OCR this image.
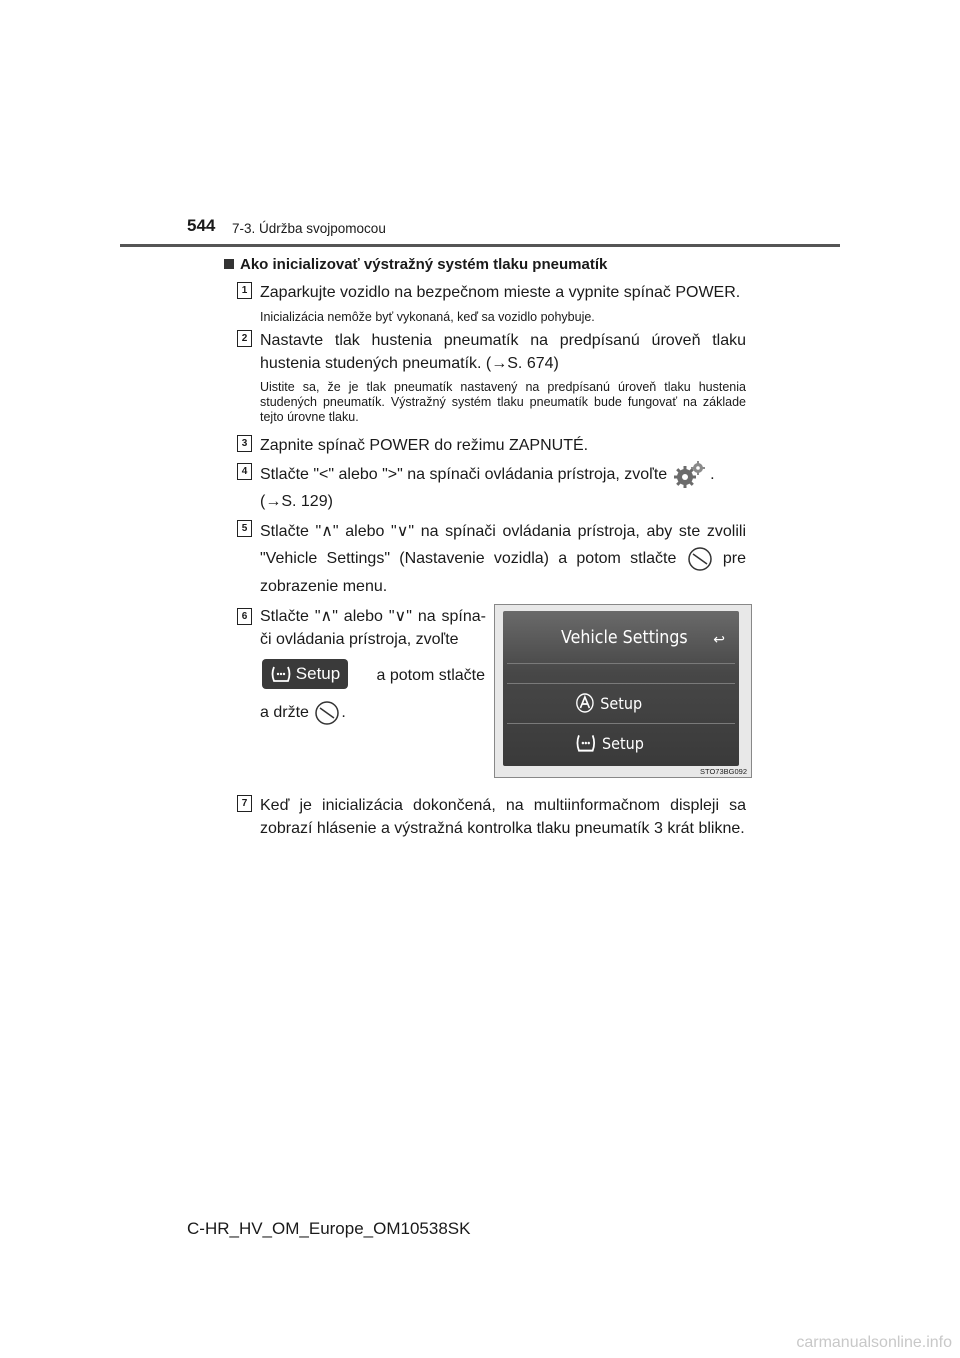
544 7-3. Údržba svojpomocou
Ako inicializovať výstražný systém tlaku pneumatík
1 Zaparkujte vozidlo na bezpečnom mieste a vypnite spínač POWER.
Inicializácia nemôže byť vykonaná, keď sa vozidlo pohybuje.
2 Nastavte tlak hustenia pneumatík na predpísanú úroveň tlaku hustenia studených pneumatík. (→S. 674)
Uistite sa, že je tlak pneumatík nastavený na predpísanú úroveň tlaku hustenia studených pneumatík. Výstražný systém tlaku pneumatík bude fungovať na základe tejto úrovne tlaku.
3 Zapnite spínač POWER do režimu ZAPNUTÉ.
4 Stlačte "<" alebo ">" na spínači ovládania prístroja, zvoľte	.
(→S. 129)
5 Stlačte "∧" alebo "∨" na spínači ovládania prístroja, aby ste zvolili "Vehicle Settings" (Nastavenie vozidla) a potom stlačte	pre zobrazenie menu.
6 Stlačte "∧" alebo "∨" na spína-či ovládania prístroja, zvoľte
Setup	a potom stlačte
a držte .
Vehicle Settings ↩
Setup
Setup
STO73BG092
7 Keď je inicializácia dokončená, na multiinformačnom displeji sa zobrazí hlásenie a výstražná kontrolka tlaku pneumatík 3 krát blikne.
C-HR_HV_OM_Europe_OM10538SK
carmanualsonline.info
